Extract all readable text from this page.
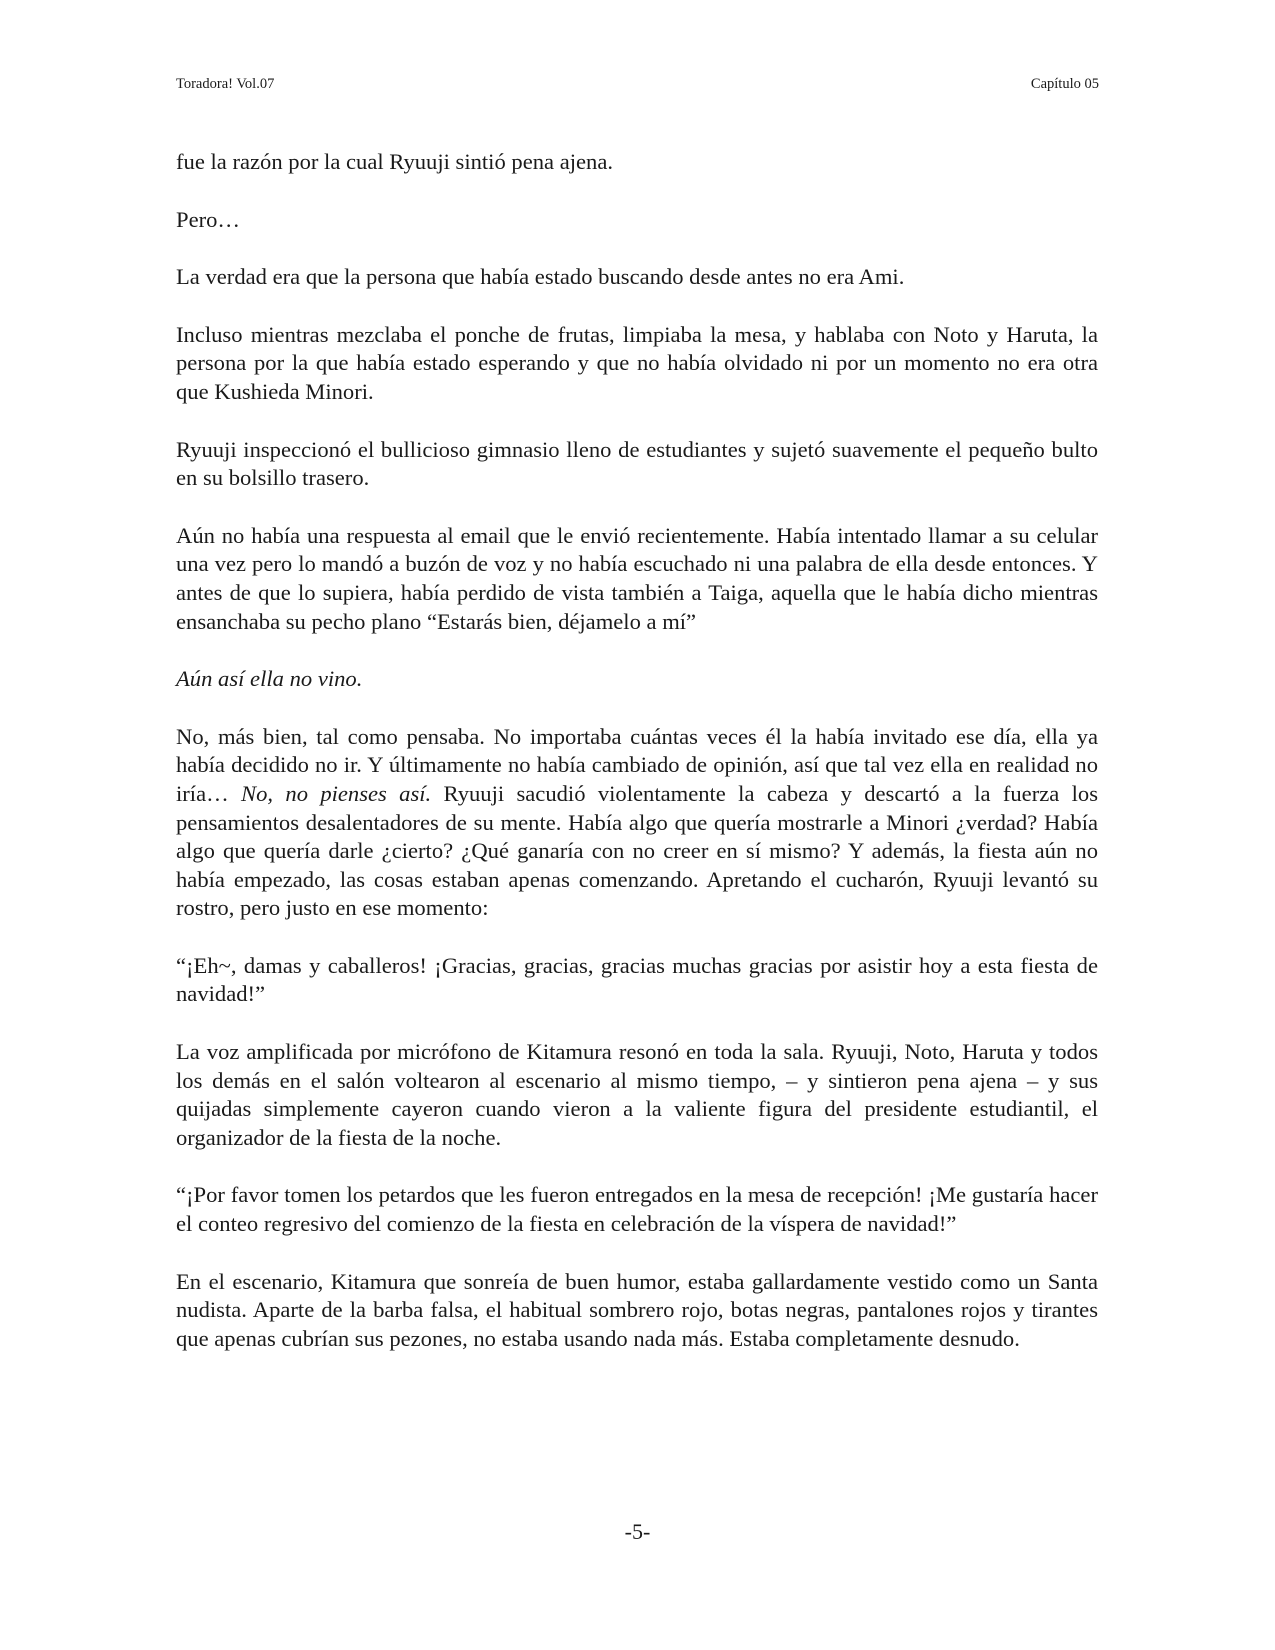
Toradora! Vol.07	Capítulo 05

fue la razón por la cual Ryuuji sintió pena ajena.

Pero…

La verdad era que la persona que había estado buscando desde antes no era Ami.

Incluso mientras mezclaba el ponche de frutas, limpiaba la mesa, y hablaba con Noto y Haruta, la persona por la que había estado esperando y que no había olvidado ni por un momento no era otra que Kushieda Minori.

Ryuuji inspeccionó el bullicioso gimnasio lleno de estudiantes y sujetó suavemente el pequeño bulto en su bolsillo trasero.

Aún no había una respuesta al email que le envió recientemente. Había intentado llamar a su celular una vez pero lo mandó a buzón de voz y no había escuchado ni una palabra de ella desde entonces. Y antes de que lo supiera, había perdido de vista también a Taiga, aquella que le había dicho mientras ensanchaba su pecho plano “Estarás bien, déjamelo a mí”

Aún así ella no vino.

No, más bien, tal como pensaba. No importaba cuántas veces él la había invitado ese día, ella ya había decidido no ir. Y últimamente no había cambiado de opinión, así que tal vez ella en realidad no iría… No, no pienses así. Ryuuji sacudió violentamente la cabeza y descartó a la fuerza los pensamientos desalentadores de su mente. Había algo que quería mostrarle a Minori ¿verdad? Había algo que quería darle ¿cierto? ¿Qué ganaría con no creer en sí mismo? Y además, la fiesta aún no había empezado, las cosas estaban apenas comenzando. Apretando el cucharón, Ryuuji levantó su rostro, pero justo en ese momento:

“¡Eh~, damas y caballeros! ¡Gracias, gracias, gracias muchas gracias por asistir hoy a esta fiesta de navidad!”

La voz amplificada por micrófono de Kitamura resonó en toda la sala. Ryuuji, Noto, Haruta y todos los demás en el salón voltearon al escenario al mismo tiempo, – y sintieron pena ajena – y sus quijadas simplemente cayeron cuando vieron a la valiente figura del presidente estudiantil, el organizador de la fiesta de la noche.

“¡Por favor tomen los petardos que les fueron entregados en la mesa de recepción! ¡Me gustaría hacer el conteo regresivo del comienzo de la fiesta en celebración de la víspera de navidad!”

En el escenario, Kitamura que sonreía de buen humor, estaba gallardamente vestido como un Santa nudista. Aparte de la barba falsa, el habitual sombrero rojo, botas negras, pantalones rojos y tirantes que apenas cubrían sus pezones, no estaba usando nada más. Estaba completamente desnudo.

-5-
